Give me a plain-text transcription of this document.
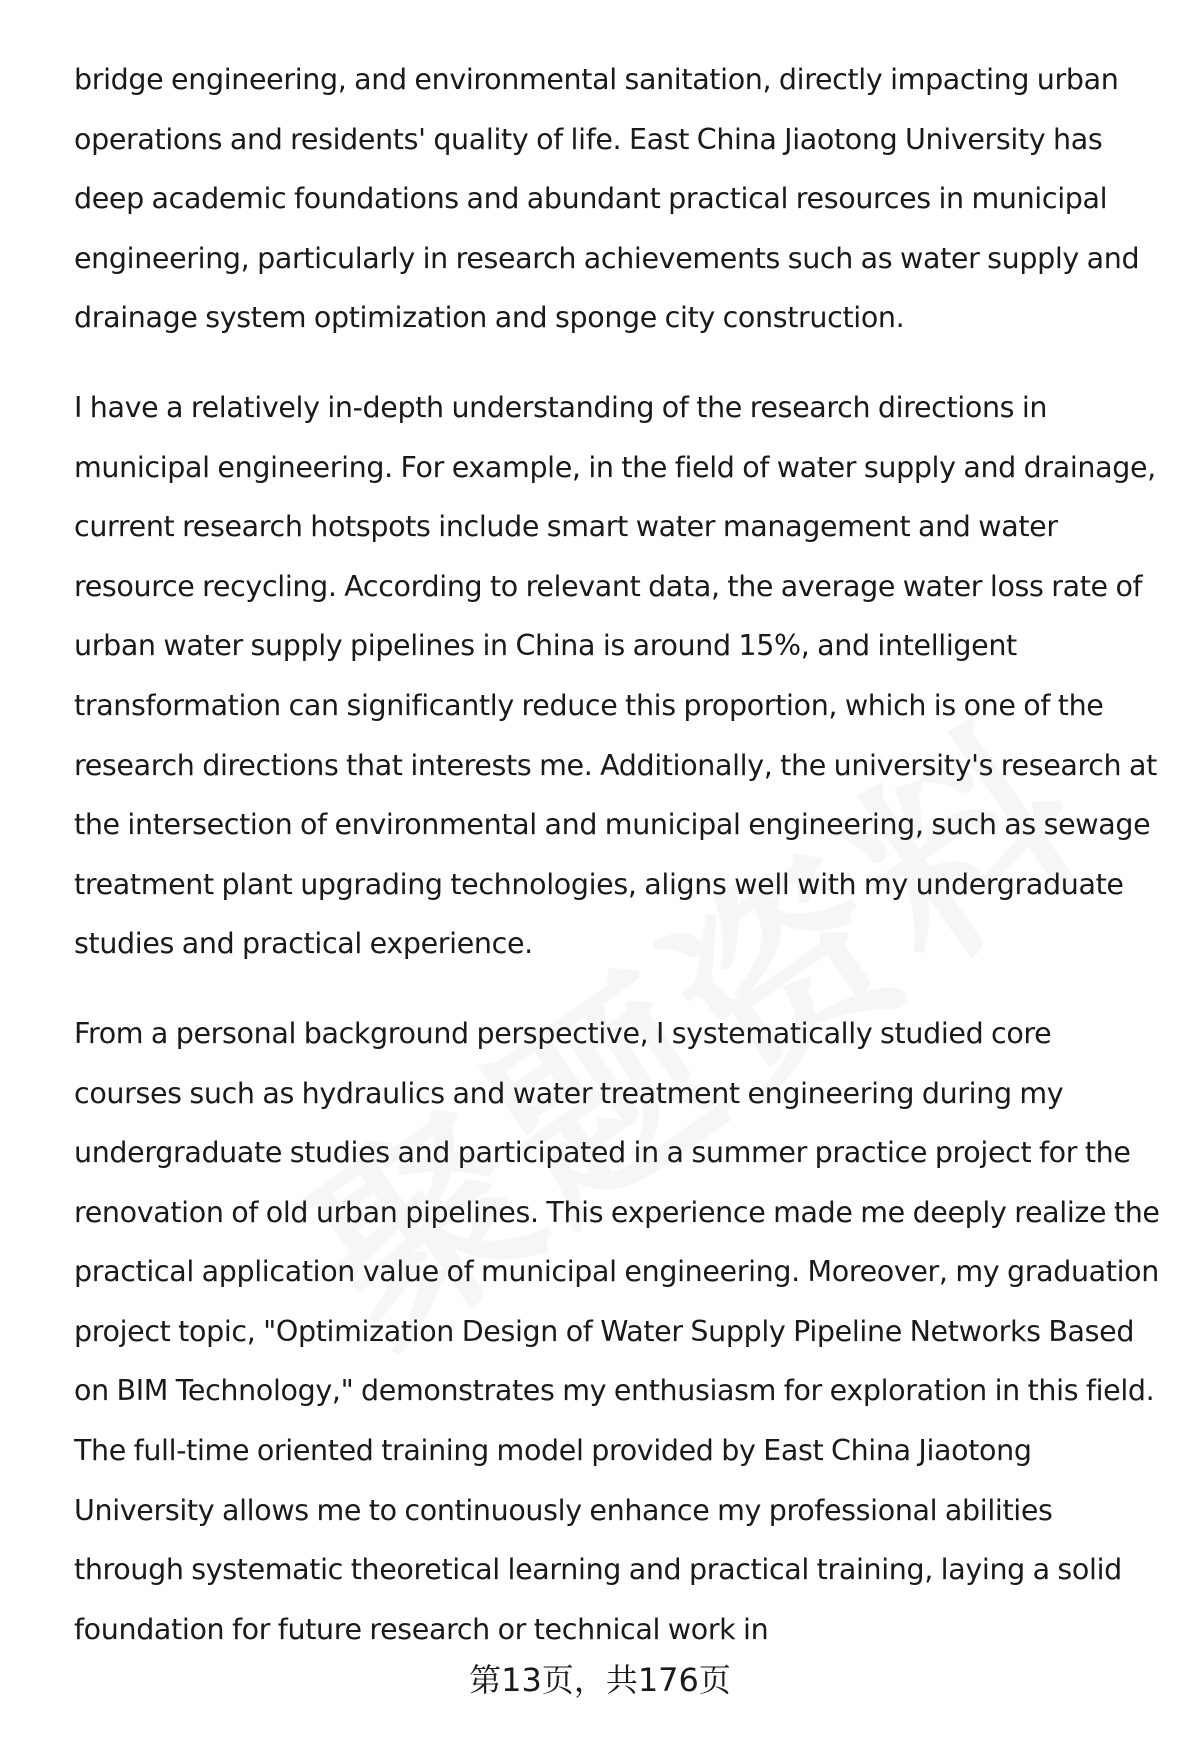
bridge engineering, and environmental sanitation, directly impacting urban operations and residents' quality of life. East China Jiaotong University has deep academic foundations and abundant practical resources in municipal engineering, particularly in research achievements such as water supply and drainage system optimization and sponge city construction.

I have a relatively in-depth understanding of the research directions in municipal engineering. For example, in the field of water supply and drainage, current research hotspots include smart water management and water resource recycling. According to relevant data, the average water loss rate of urban water supply pipelines in China is around 15%, and intelligent transformation can significantly reduce this proportion, which is one of the research directions that interests me. Additionally, the university's research at the intersection of environmental and municipal engineering, such as sewage treatment plant upgrading technologies, aligns well with my undergraduate studies and practical experience.

From a personal background perspective, I systematically studied core courses such as hydraulics and water treatment engineering during my undergraduate studies and participated in a summer practice project for the renovation of old urban pipelines. This experience made me deeply realize the practical application value of municipal engineering. Moreover, my graduation project topic, "Optimization Design of Water Supply Pipeline Networks Based on BIM Technology," demonstrates my enthusiasm for exploration in this field. The full-time oriented training model provided by East China Jiaotong University allows me to continuously enhance my professional abilities through systematic theoretical learning and practical training, laying a solid foundation for future research or technical work in

第13页，共176页
